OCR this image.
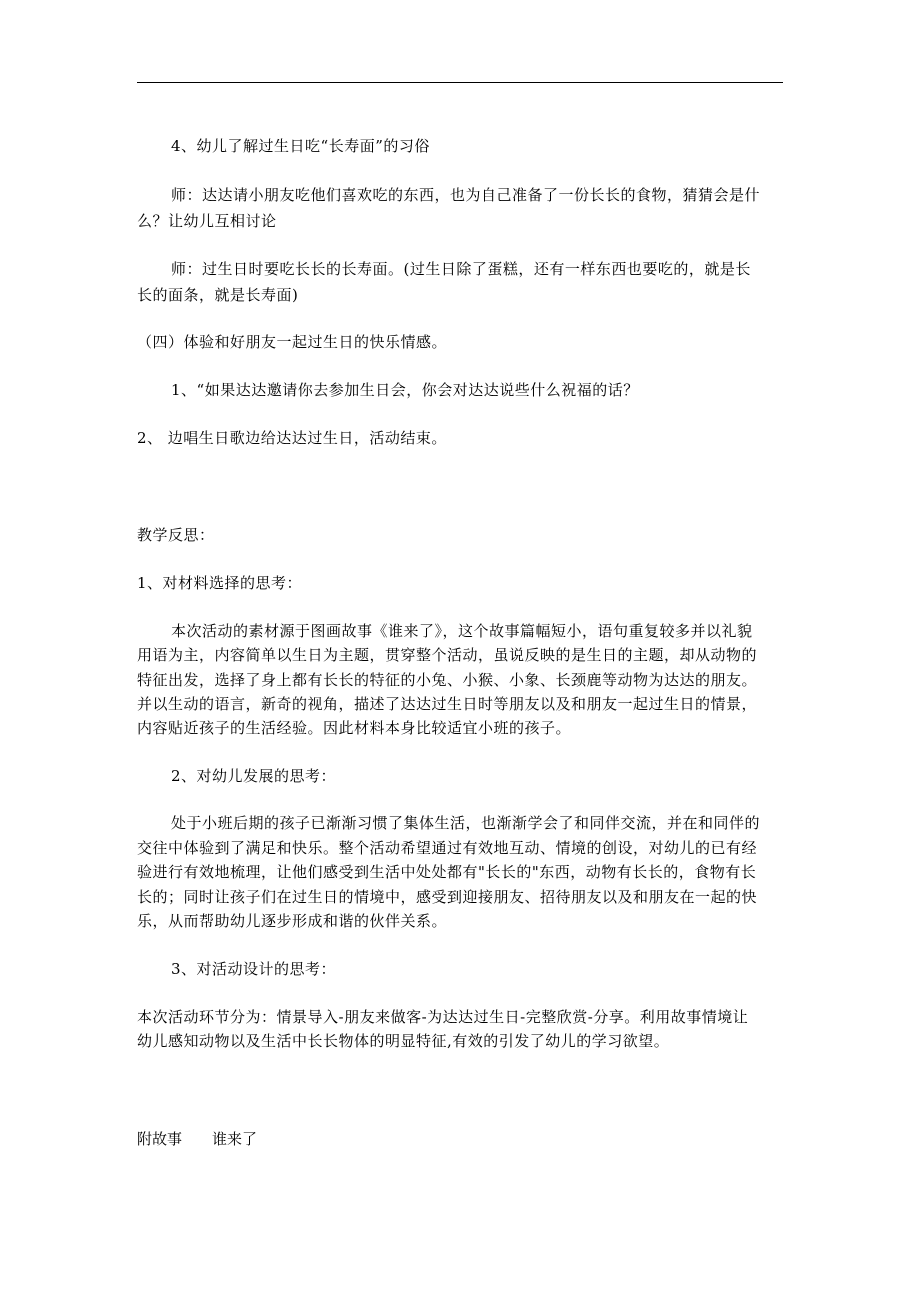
4、幼儿了解过生日吃“长寿面”的习俗
师：达达请小朋友吃他们喜欢吃的东西，也为自己准备了一份长长的食物，猜猜会是什
么？让幼儿互相讨论
师：过生日时要吃长长的长寿面。(过生日除了蛋糕，还有一样东西也要吃的，就是长
长的面条，就是长寿面)
（四）体验和好朋友一起过生日的快乐情感。
1、“如果达达邀请你去参加生日会，你会对达达说些什么祝福的话？
2、 边唱生日歌边给达达过生日，活动结束。
教学反思：
1、对材料选择的思考：
本次活动的素材源于图画故事《谁来了》，这个故事篇幅短小，语句重复较多并以礼貌
用语为主，内容简单以生日为主题，贯穿整个活动，虽说反映的是生日的主题，却从动物的
特征出发，选择了身上都有长长的特征的小兔、小猴、小象、长颈鹿等动物为达达的朋友。
并以生动的语言，新奇的视角，描述了达达过生日时等朋友以及和朋友一起过生日的情景，
内容贴近孩子的生活经验。因此材料本身比较适宜小班的孩子。
2、对幼儿发展的思考：
处于小班后期的孩子已渐渐习惯了集体生活，也渐渐学会了和同伴交流，并在和同伴的
交往中体验到了满足和快乐。整个活动希望通过有效地互动、情境的创设，对幼儿的已有经
验进行有效地梳理，让他们感受到生活中处处都有"长长的"东西，动物有长长的，食物有长
长的；同时让孩子们在过生日的情境中，感受到迎接朋友、招待朋友以及和朋友在一起的快
乐，从而帮助幼儿逐步形成和谐的伙伴关系。
3、对活动设计的思考：
本次活动环节分为：情景导入-朋友来做客-为达达过生日-完整欣赏-分享。利用故事情境让
幼儿感知动物以及生活中长长物体的明显特征,有效的引发了幼儿的学习欲望。
附故事 谁来了
